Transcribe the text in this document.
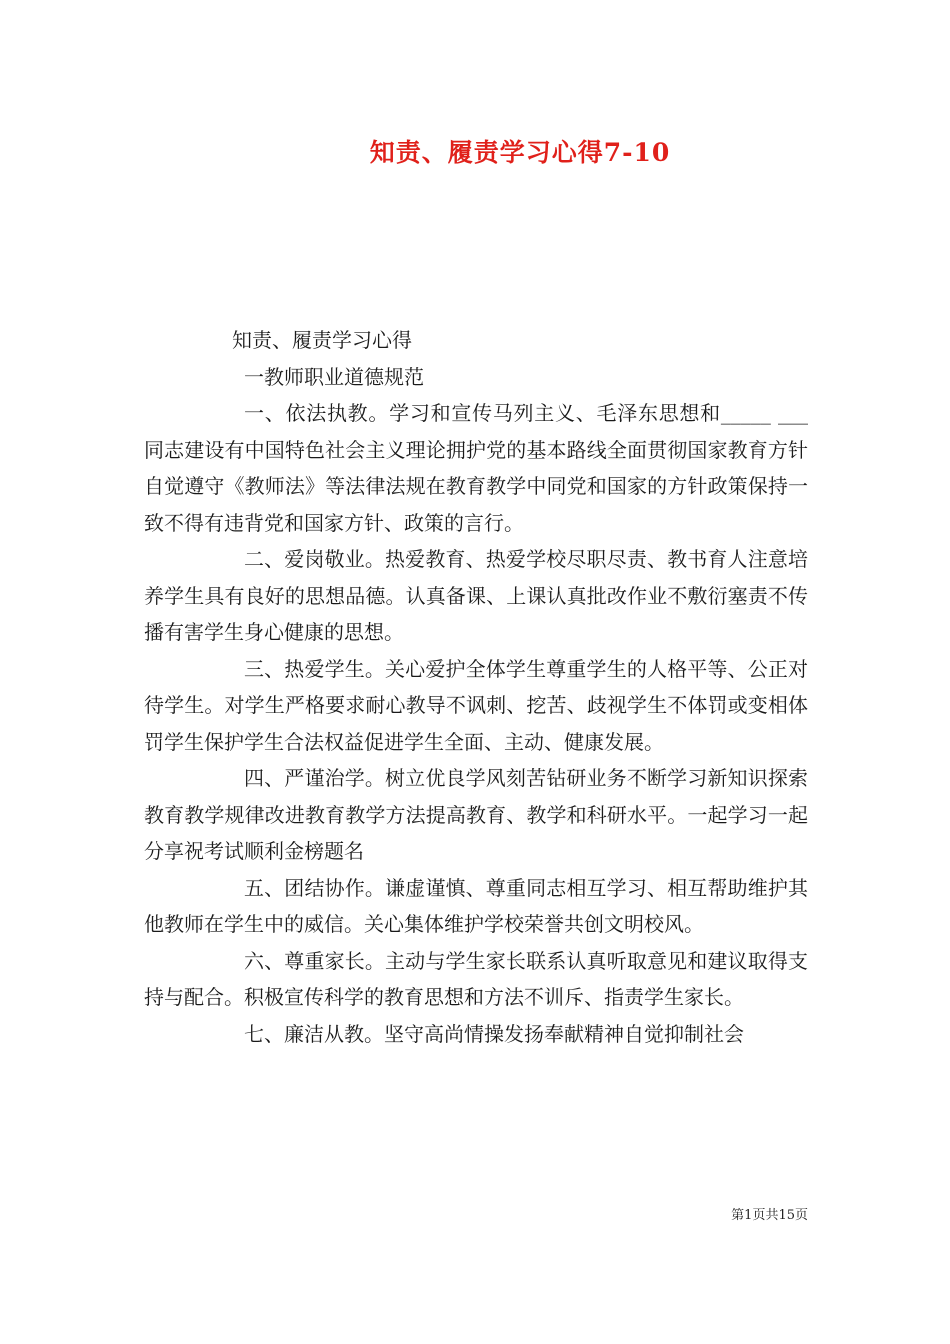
知责、履责学习心得7-10

知责、履责学习心得

一教师职业道德规范

一、依法执教。学习和宣传马列主义、毛泽东思想和_____ ___同志建设有中国特色社会主义理论拥护党的基本路线全面贯彻国家教育方针自觉遵守《教师法》等法律法规在教育教学中同党和国家的方针政策保持一致不得有违背党和国家方针、政策的言行。

二、爱岗敬业。热爱教育、热爱学校尽职尽责、教书育人注意培养学生具有良好的思想品德。认真备课、上课认真批改作业不敷衍塞责不传播有害学生身心健康的思想。

三、热爱学生。关心爱护全体学生尊重学生的人格平等、公正对待学生。对学生严格要求耐心教导不讽刺、挖苦、歧视学生不体罚或变相体罚学生保护学生合法权益促进学生全面、主动、健康发展。

四、严谨治学。树立优良学风刻苦钻研业务不断学习新知识探索教育教学规律改进教育教学方法提高教育、教学和科研水平。一起学习一起分享祝考试顺利金榜题名

五、团结协作。谦虚谨慎、尊重同志相互学习、相互帮助维护其他教师在学生中的威信。关心集体维护学校荣誉共创文明校风。

六、尊重家长。主动与学生家长联系认真听取意见和建议取得支持与配合。积极宣传科学的教育思想和方法不训斥、指责学生家长。

七、廉洁从教。坚守高尚情操发扬奉献精神自觉抑制社会

第1页共15页
